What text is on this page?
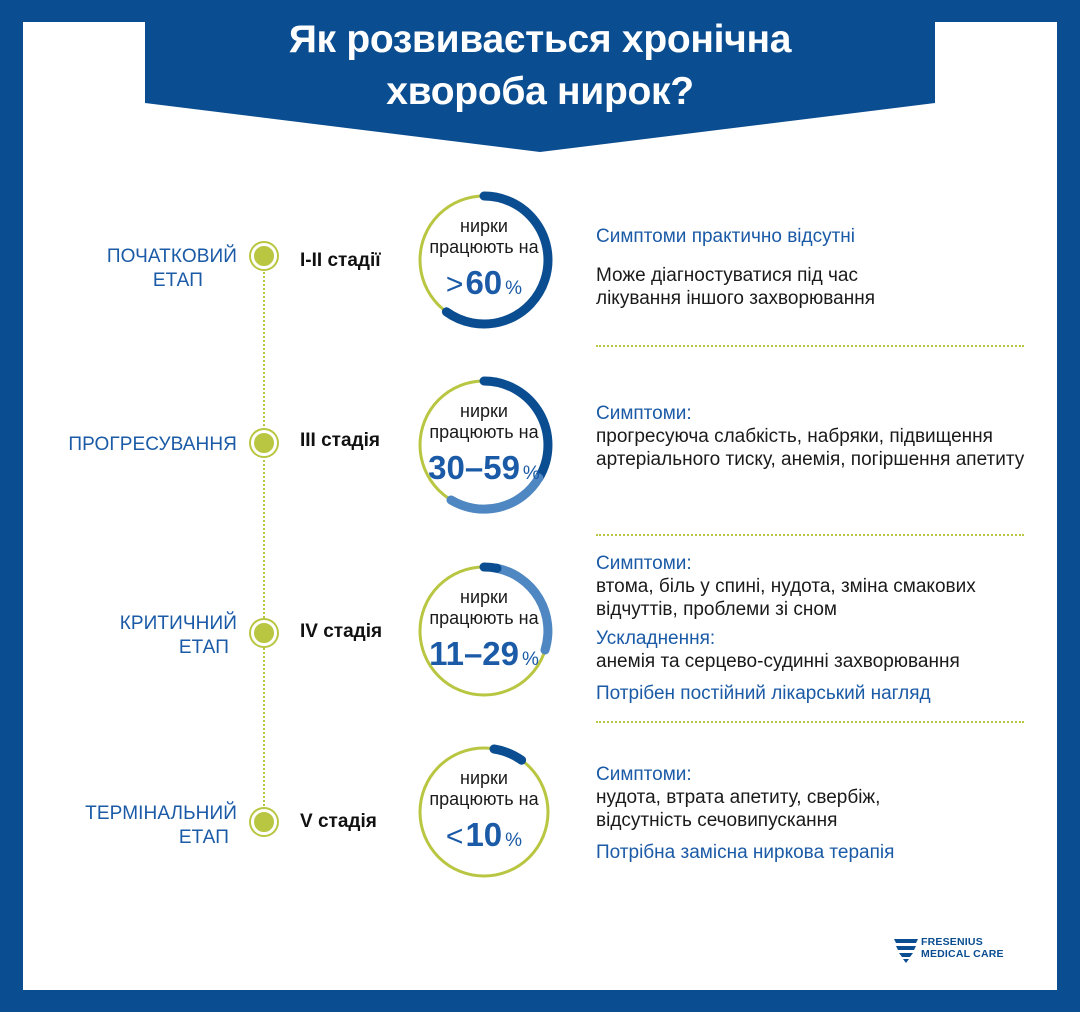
Як розвивається хронічна
хвороба нирок?
ПОЧАТКОВИЙ
ЕТАП
I-II стадії
нирки
працюють на
>60 %
Симптоми практично відсутні
Може діагностуватися під час лікування іншого захворювання
ПРОГРЕСУВАННЯ	III стадія
нирки
працюють на
30–59 %
Симптоми:
прогресуюча слабкість, набряки, підвищення артеріального тиску, анемія, погіршення апетиту
КРИТИЧНИЙ
ЕТАП
IV стадія
нирки
працюють на
11–29 %
Симптоми:
втома, біль у спині, нудота, зміна смакових відчуттів, проблеми зі сном
Ускладнення:
анемія та серцево-судинні захворювання
Потрібен постійний лікарський нагляд
ТЕРМІНАЛЬНИЙ
ЕТАП
V стадія
нирки
працюють на
<10 %
Симптоми:
нудота, втрата апетиту, свербіж, відсутність сечовипускання
Потрібна замісна ниркова терапія
FRESENIUS
MEDICAL CARE
